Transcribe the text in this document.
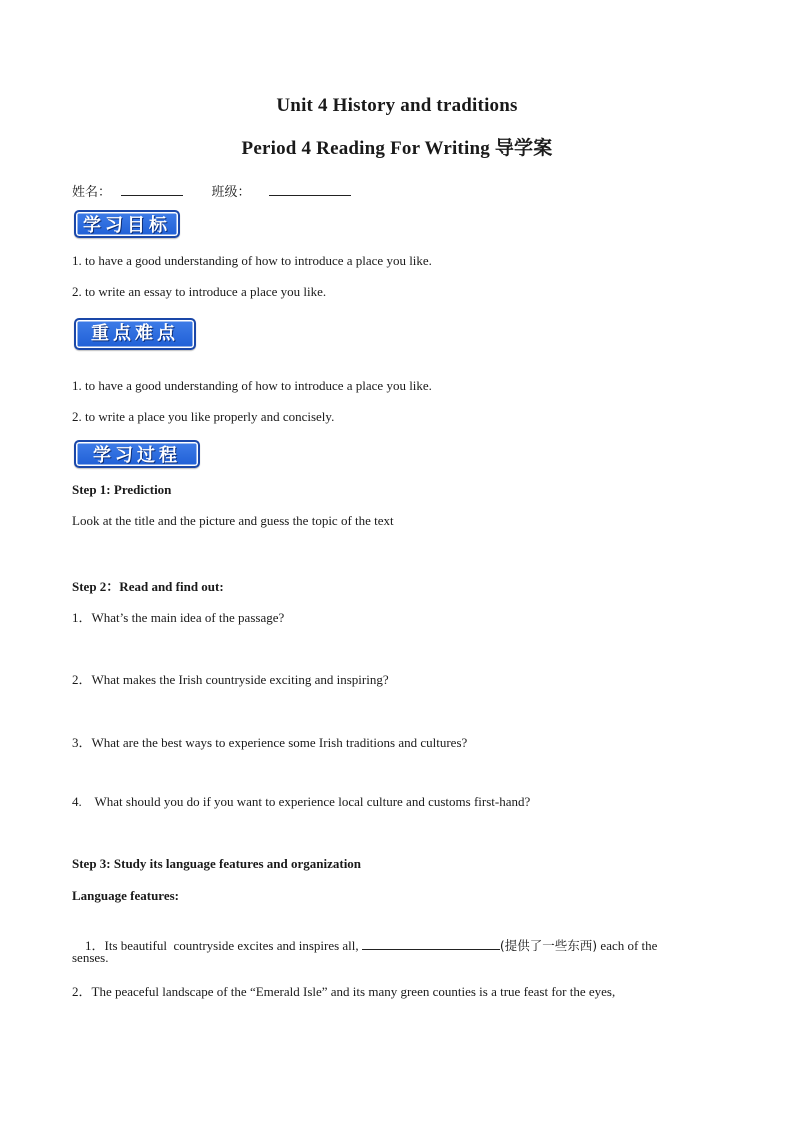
Unit 4 History and traditions
Period 4 Reading For Writing 导学案
姓名：	班级：
学习目标
1. to have a good understanding of how to introduce a place you like.
2. to write an essay to introduce a place you like.
重点难点
1. to have a good understanding of how to introduce a place you like.
2. to write a place you like properly and concisely.
学习过程
Step 1: Prediction
Look at the title and the picture and guess the topic of the text
Step 2：Read and find out:
1．What’s the main idea of the passage?
2．What makes the Irish countryside exciting and inspiring?
3．What are the best ways to experience some Irish traditions and cultures?
4.    What should you do if you want to experience local culture and customs first-hand?
Step 3: Study its language features and organization
Language features:

1．Its beautiful  countryside excites and inspires all,	(提供了一些东西) each of the

senses.
2．The peaceful landscape of the “Emerald Isle” and its many green counties is a true feast for the eyes,
